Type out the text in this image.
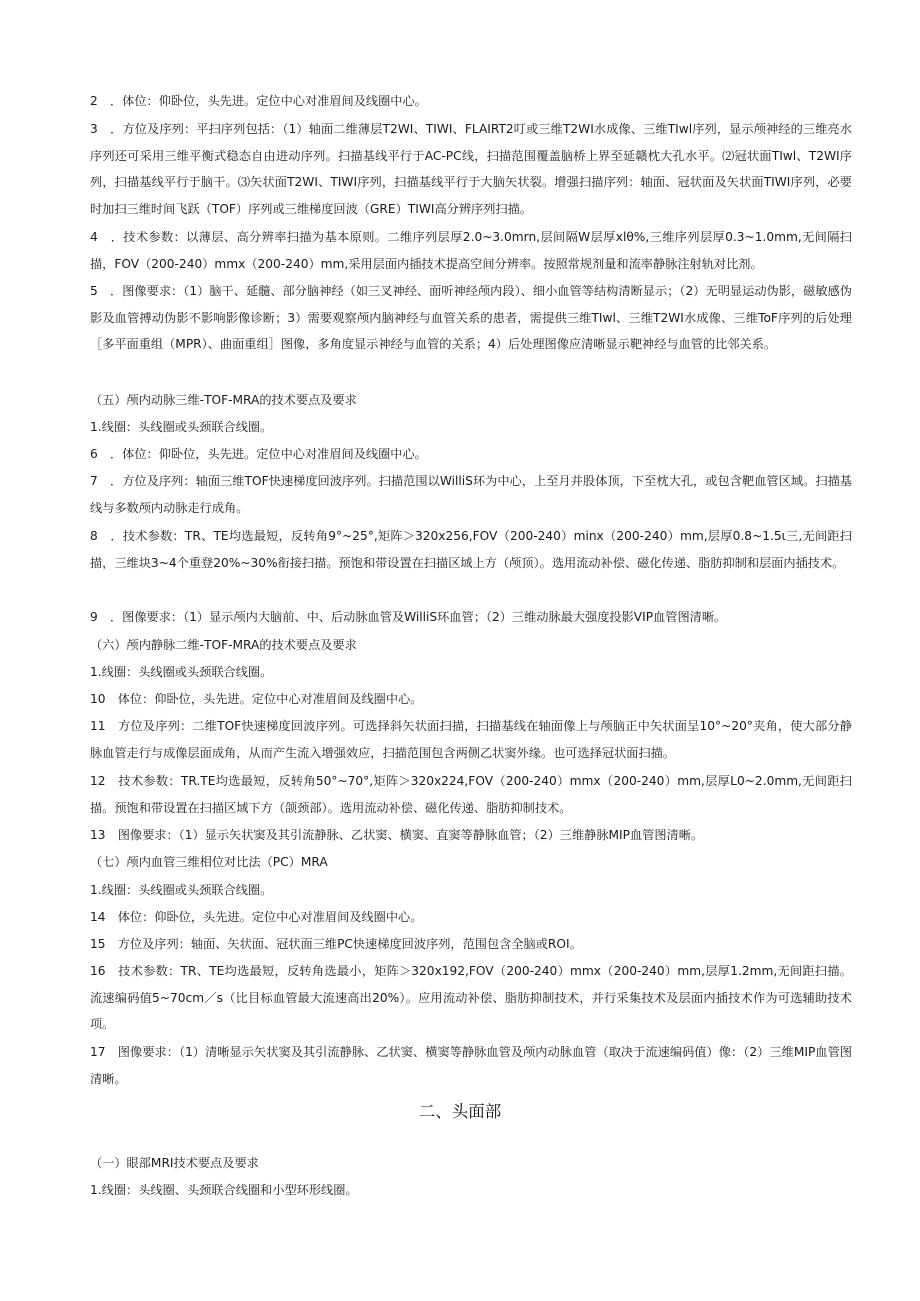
2　．体位：仰卧位，头先进。定位中心对准眉间及线圈中心。

3　．方位及序列：平扫序列包括：（1）轴面二维薄层T2WI、TIWI、FLAIRT2叮或三维T2WI水成像、三维TIwl序列，显示颅神经的三维亮水序列还可采用三维平衡式稳态自由进动序列。扫描基线平行于AC-PC线，扫描范围覆盖脑桥上界至延赣枕大孔水平。⑵冠状面TIwl、T2WI序列，扫描基线平行于脑干。⑶矢状面T2WI、TIWI序列，扫描基线平行于大脑矢状裂。增强扫描序列：轴面、冠状面及矢状面TIWI序列，必要时加扫三维时间飞跃（TOF）序列或三维梯度回波（GRE）TIWI高分辨序列扫描。

4　．技术参数：以薄层、高分辨率扫描为基本原则。二维序列层厚2.0~3.0mrn,层间隔W层厚xlθ%,三维序列层厚0.3~1.0mm,无间隔扫描，FOV（200-240）mmx（200-240）mm,采用层面内插技术提高空间分辨率。按照常规剂量和流率静脉注射轨对比剂。

5　．图像要求：（1）脑干、延髓、部分脑神经（如三叉神经、面听神经颅内段）、细小血管等结构清断显示；（2）无明显运动伪影，磁敏感伪影及血管搏动伪影不影响影像诊断；3）需要观察颅内脑神经与血管关系的患者，需提供三维TIwl、三维T2WI水成像、三维ToF序列的后处理［多平面重组（MPR）、曲面重组］图像，多角度显示神经与血管的关系；4）后处理图像应清晰显示靶神经与血管的比邻关系。

（五）颅内动脉三维-TOF-MRA的技术要点及要求

1.线圈：头线圈或头颈联合线圈。

6　．体位：仰卧位，头先进。定位中心对准眉间及线圈中心。

7　．方位及序列：轴面三维TOF快速梯度回波序列。扫描范围以WilliS环为中心，上至月并股体顶，下至枕大孔，或包含靶血管区域。扫描基线与多数颅内动脉走行成角。

8　．技术参数：TR、TE均选最短，反转角9°~25°,矩阵＞320x256,FOV（200-240）minx（200-240）mm,层厚0.8~1.5ι三,无间距扫描，三维块3~4个重登20%~30%衔接扫描。预饱和带设置在扫描区域上方（颅顶）。选用流动补偿、磁化传递、脂肪抑制和层面内插技术。

9　．图像要求：（1）显示颅内大脑前、中、后动脉血管及WilliS环血管；（2）三维动脉最大强度投影VIP血管图清晰。

（六）颅内静脉二维-TOF-MRA的技术要点及要求

1.线圈：头线圈或头颈联合线圈。

10　体位：仰卧位，头先进。定位中心对准眉间及线圈中心。

11　方位及序列：二维TOF快速梯度回波序列。可选择斜矢状面扫描，扫描基线在轴面像上与颅脑正中矢状面呈10°~20°夹角，使大部分静脉血管走行与成像层面成角，从而产生流入增强效应，扫描范围包含两侧乙状窦外缘。也可选择冠状面扫描。

12　技术参数：TR.TE均选最短，反转角50°~70°,矩阵＞320x224,FOV（200-240）mmx（200-240）mm,层厚L0~2.0mm,无间距扫描。预饱和带设置在扫描区域下方（颌颈部）。选用流动补偿、磁化传递、脂肪抑制技术。

13　图像要求：（1）显示矢状窦及其引流静脉、乙状窦、横窦、直窦等静脉血管；（2）三维静脉MIP血管图清晰。

（七）颅内血管三维相位对比法（PC）MRA

1.线圈：头线圈或头颈联合线圈。

14　体位：仰卧位，头先进。定位中心对准眉间及线圈中心。

15　方位及序列：轴面、矢状面、冠状面三维PC快速梯度回波序列，范围包含全脑或ROI。

16　技术参数：TR、TE均选最短，反转角选最小，矩阵＞320x192,FOV（200-240）mmx（200-240）mm,层厚1.2mm,无间距扫描。流速编码值5~70cm／s（比目标血管最大流速高出20%）。应用流动补偿、脂肪抑制技术，并行采集技术及层面内插技术作为可选辅助技术项。

17　图像要求：（1）清晰显示矢状窦及其引流静脉、乙状窦、横窦等静脉血管及颅内动脉血管（取决于流速编码值）像：（2）三维MIP血管图清晰。

二、头面部

（一）眼部MRI技术要点及要求

1.线圈：头线圈、头颈联合线圈和小型环形线圈。
